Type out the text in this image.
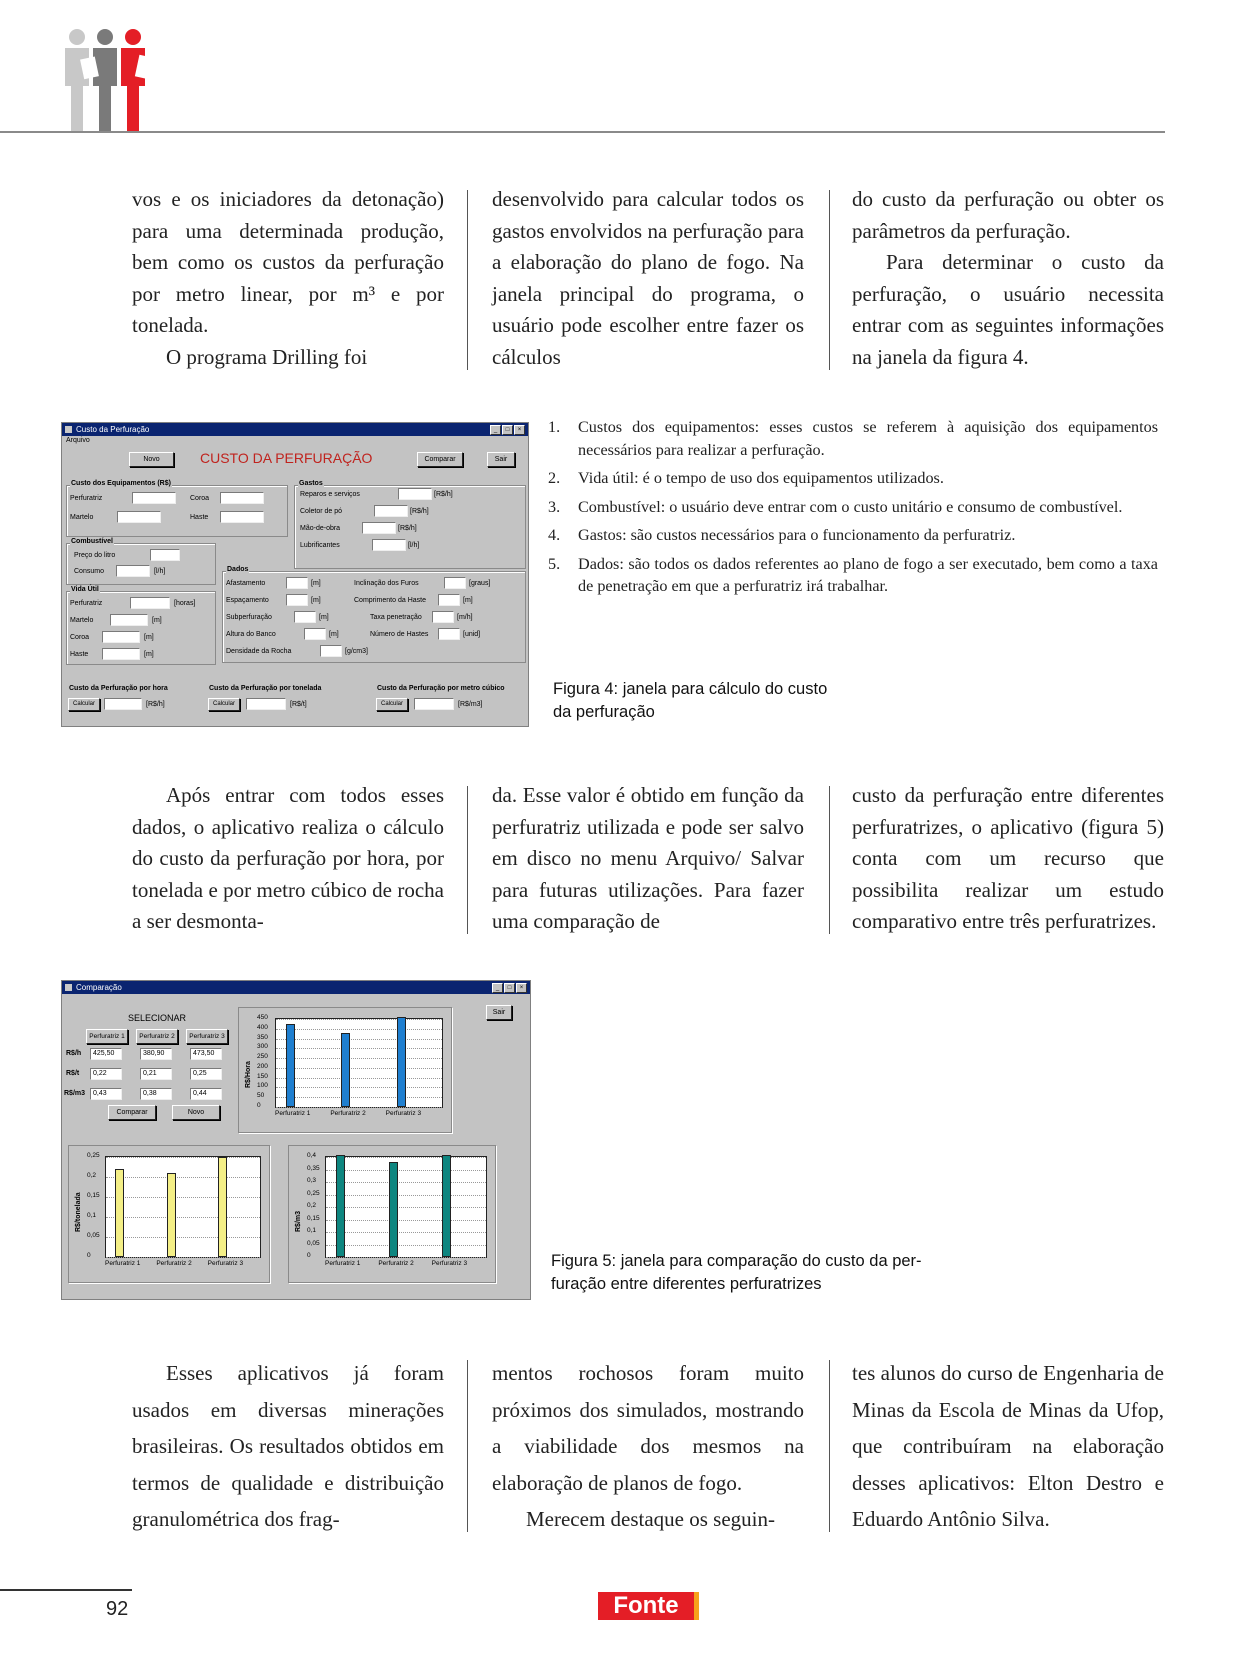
vos e os iniciadores da detonação) para uma determinada produção, bem como os custos da perfuração por metro linear, por m³ e por tonelada.

O programa Drilling foi

desenvolvido para calcular todos os gastos envolvidos na perfuração para a elaboração do plano de fogo. Na janela principal do programa, o usuário pode escolher entre fazer os cálculos

do custo da perfuração ou obter os parâmetros da perfuração.

Para determinar o custo da perfuração, o usuário necessita entrar com as seguintes informações na janela da figura 4.

Custo da Perfuração	_	□	×
Arquivo
Novo	CUSTO DA PERFURAÇÃO	Comparar	Sair
Custo dos Equipamentos (R$)
Perfuratriz	Coroa
Martelo	Haste
Combustível
Preço do litro
Consumo	[l/h]
Vida Útil
Perfuratriz	[horas]
Martelo	[m]
Coroa	[m]
Haste	[m]
Gastos
Reparos e serviços	[R$/h]
Coletor de pó	[R$/h]
Mão-de-obra	[R$/h]
Lubrificantes	[l/h]
Dados
Afastamento	[m]
Espaçamento	[m]
Subperfuração	[m]
Altura do Banco	[m]
Densidade da Rocha	[g/cm3]
Inclinação dos Furos	[graus]
Comprimento da Haste	[m]
Taxa penetração	[m/h]
Número de Hastes	[unid]
Custo da Perfuração por hora
Calcular	[R$/h]
Custo da Perfuração por tonelada
Calcular	[R$/t]
Custo da Perfuração por metro cúbico
Calcular	[R$/m3]
1.	Custos dos equipamentos: esses custos se referem à aquisição dos equipamentos necessários para realizar a perfuração.
2.	Vida útil: é o tempo de uso dos equipamentos utilizados.
3.	Combustível: o usuário deve entrar com o custo unitário e consumo de combustível.
4.	Gastos: são custos necessários para o funcionamento da perfuratriz.
5.	Dados: são todos os dados referentes ao plano de fogo a ser executado, bem como a taxa de penetração em que a perfuratriz irá trabalhar.
Figura 4: janela para cálculo do custo
da perfuração

Após entrar com todos esses dados, o aplicativo realiza o cálculo do custo da perfuração por hora, por tonelada e por metro cúbico de rocha a ser desmonta-

da. Esse valor é obtido em função da perfuratriz utilizada e pode ser salvo em disco no menu Arquivo/ Salvar para futuras utilizações. Para fazer uma comparação de

custo da perfuração entre diferentes perfuratrizes, o aplicativo (figura 5) conta com um recurso que possibilita realizar um estudo comparativo entre três perfuratrizes.

Comparação	_	□	×
SELECIONAR
Sair
Perfuratriz 1	Perfuratriz 2	Perfuratriz 3
R$/h	425,50	380,90	473,50
R$/t	0,22	0,21	0,25
R$/m3	0,43	0,38	0,44
Comparar	Novo
450
400
350
300
250
200
150
100
50
0
R$/Hora
Perfuratriz 1	Perfuratriz 2	Perfuratriz 3
0,25
0,2
0,15
0,1
0,05
0
R$/tonelada
Perfuratriz 1 Perfuratriz 2 Perfuratriz 3
0,4
0,35
0,3
0,25
0,2
0,15
0,1
0,05
0
R$/m3
Perfuratriz 1	Perfuratriz 2	Perfuratriz 3	Figura 5: janela para comparação do custo da per-
furação entre diferentes perfuratrizes

Esses aplicativos já foram usados em diversas minerações brasileiras. Os resultados obtidos em termos de qualidade e distribuição granulométrica dos frag-

mentos rochosos foram muito próximos dos simulados, mostrando a viabilidade dos mesmos na elaboração de planos de fogo.

Merecem destaque os seguin-

tes alunos do curso de Engenharia de Minas da Escola de Minas da Ufop, que contribuíram na elaboração desses aplicativos: Elton Destro e Eduardo Antônio Silva.

92	Fonte
